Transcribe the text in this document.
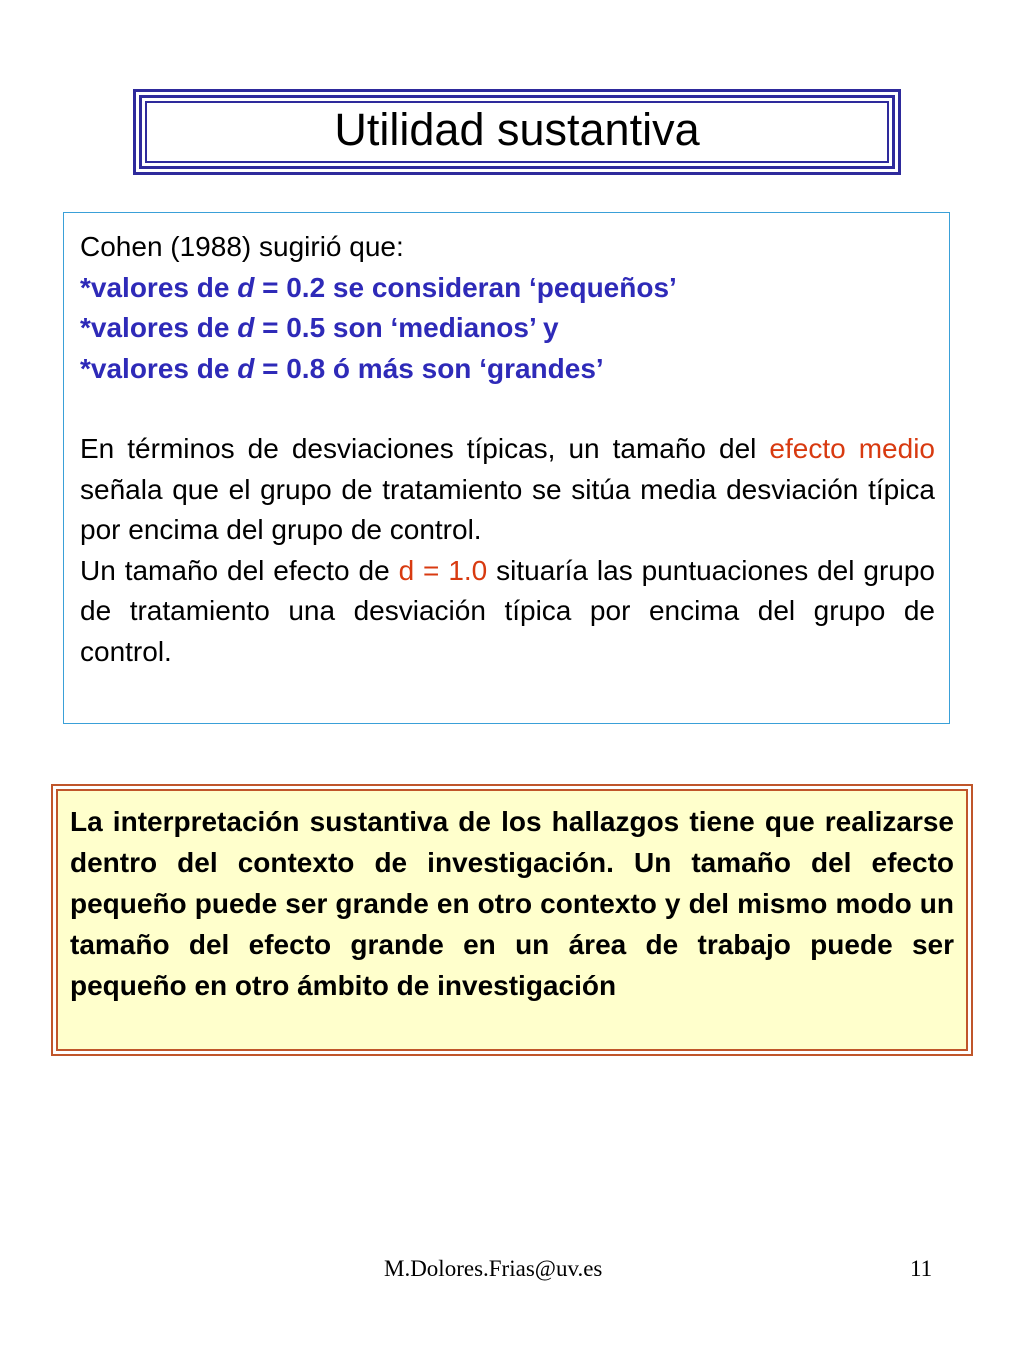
Utilidad sustantiva

Cohen (1988) sugirió que:

*valores de d = 0.2 se consideran ‘pequeños’

*valores de d = 0.5 son ‘medianos’ y

*valores de d = 0.8 ó más son ‘grandes’

En términos de desviaciones típicas, un tamaño del efecto medio señala que el grupo de tratamiento se sitúa media desviación típica por encima del grupo de control.

Un tamaño del efecto de d = 1.0 situaría las puntuaciones del grupo de tratamiento una desviación típica por encima del grupo de control.

La interpretación sustantiva de los hallazgos tiene que realizarse dentro del contexto de investigación. Un tamaño del efecto pequeño puede ser grande en otro contexto y del mismo modo un tamaño del efecto grande en un área de trabajo puede ser pequeño en otro ámbito de investigación
M.Dolores.Frias@uv.es	11
